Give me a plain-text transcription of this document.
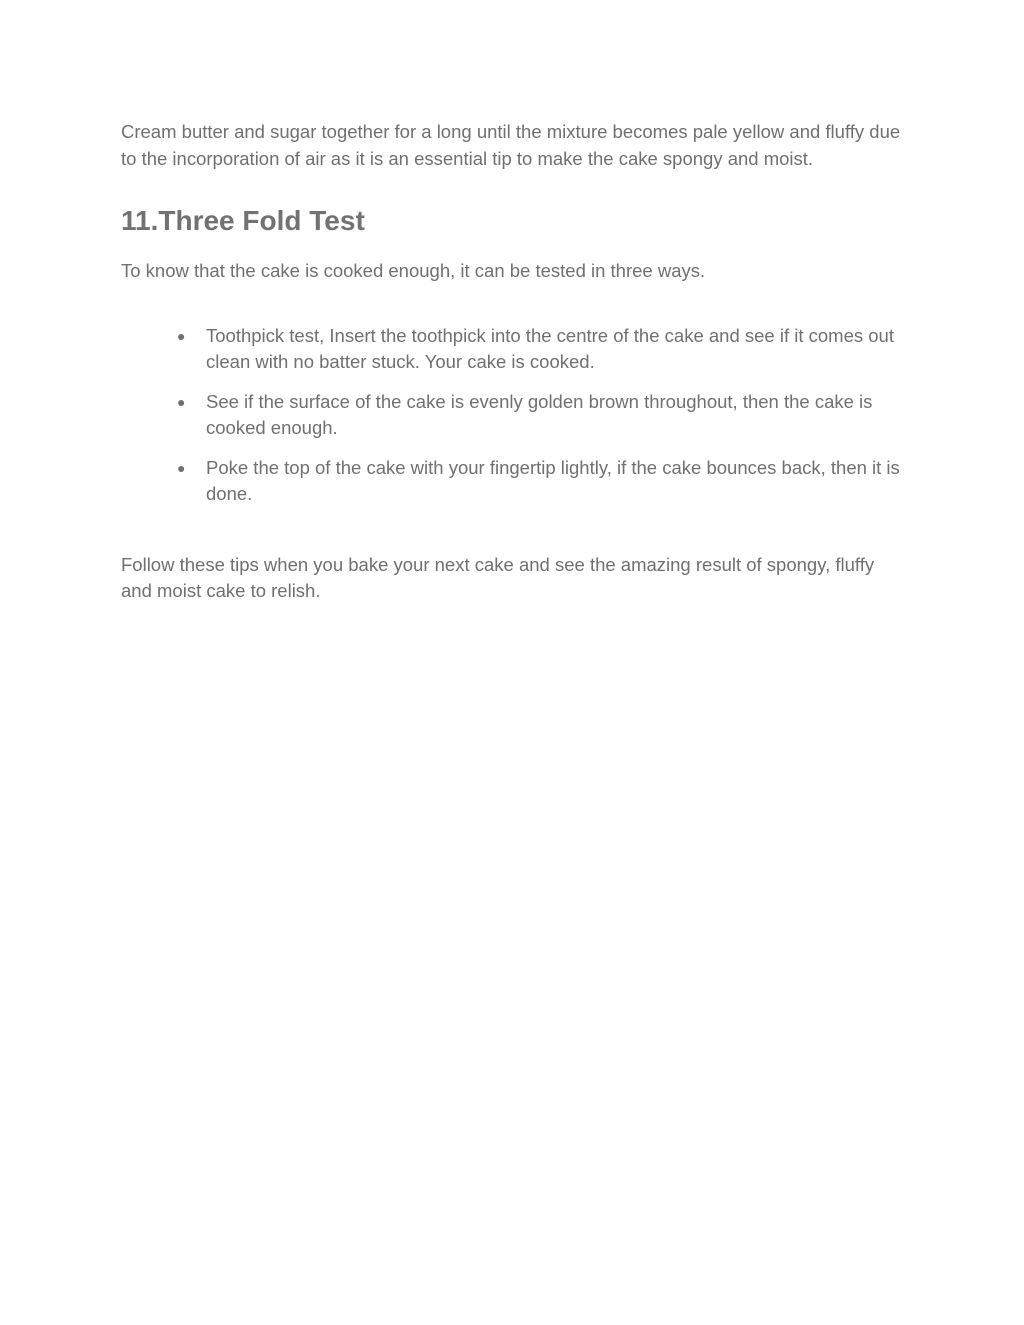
Cream butter and sugar together for a long until the mixture becomes pale yellow and fluffy due to the incorporation of air as it is an essential tip to make the cake spongy and moist.

11.Three Fold Test

To know that the cake is cooked enough, it can be tested in three ways.

● Toothpick test, Insert the toothpick into the centre of the cake and see if it comes out clean with no batter stuck. Your cake is cooked.
● See if the surface of the cake is evenly golden brown throughout, then the cake is cooked enough.
● Poke the top of the cake with your fingertip lightly, if the cake bounces back, then it is done.

Follow these tips when you bake your next cake and see the amazing result of spongy, fluffy and moist cake to relish.
